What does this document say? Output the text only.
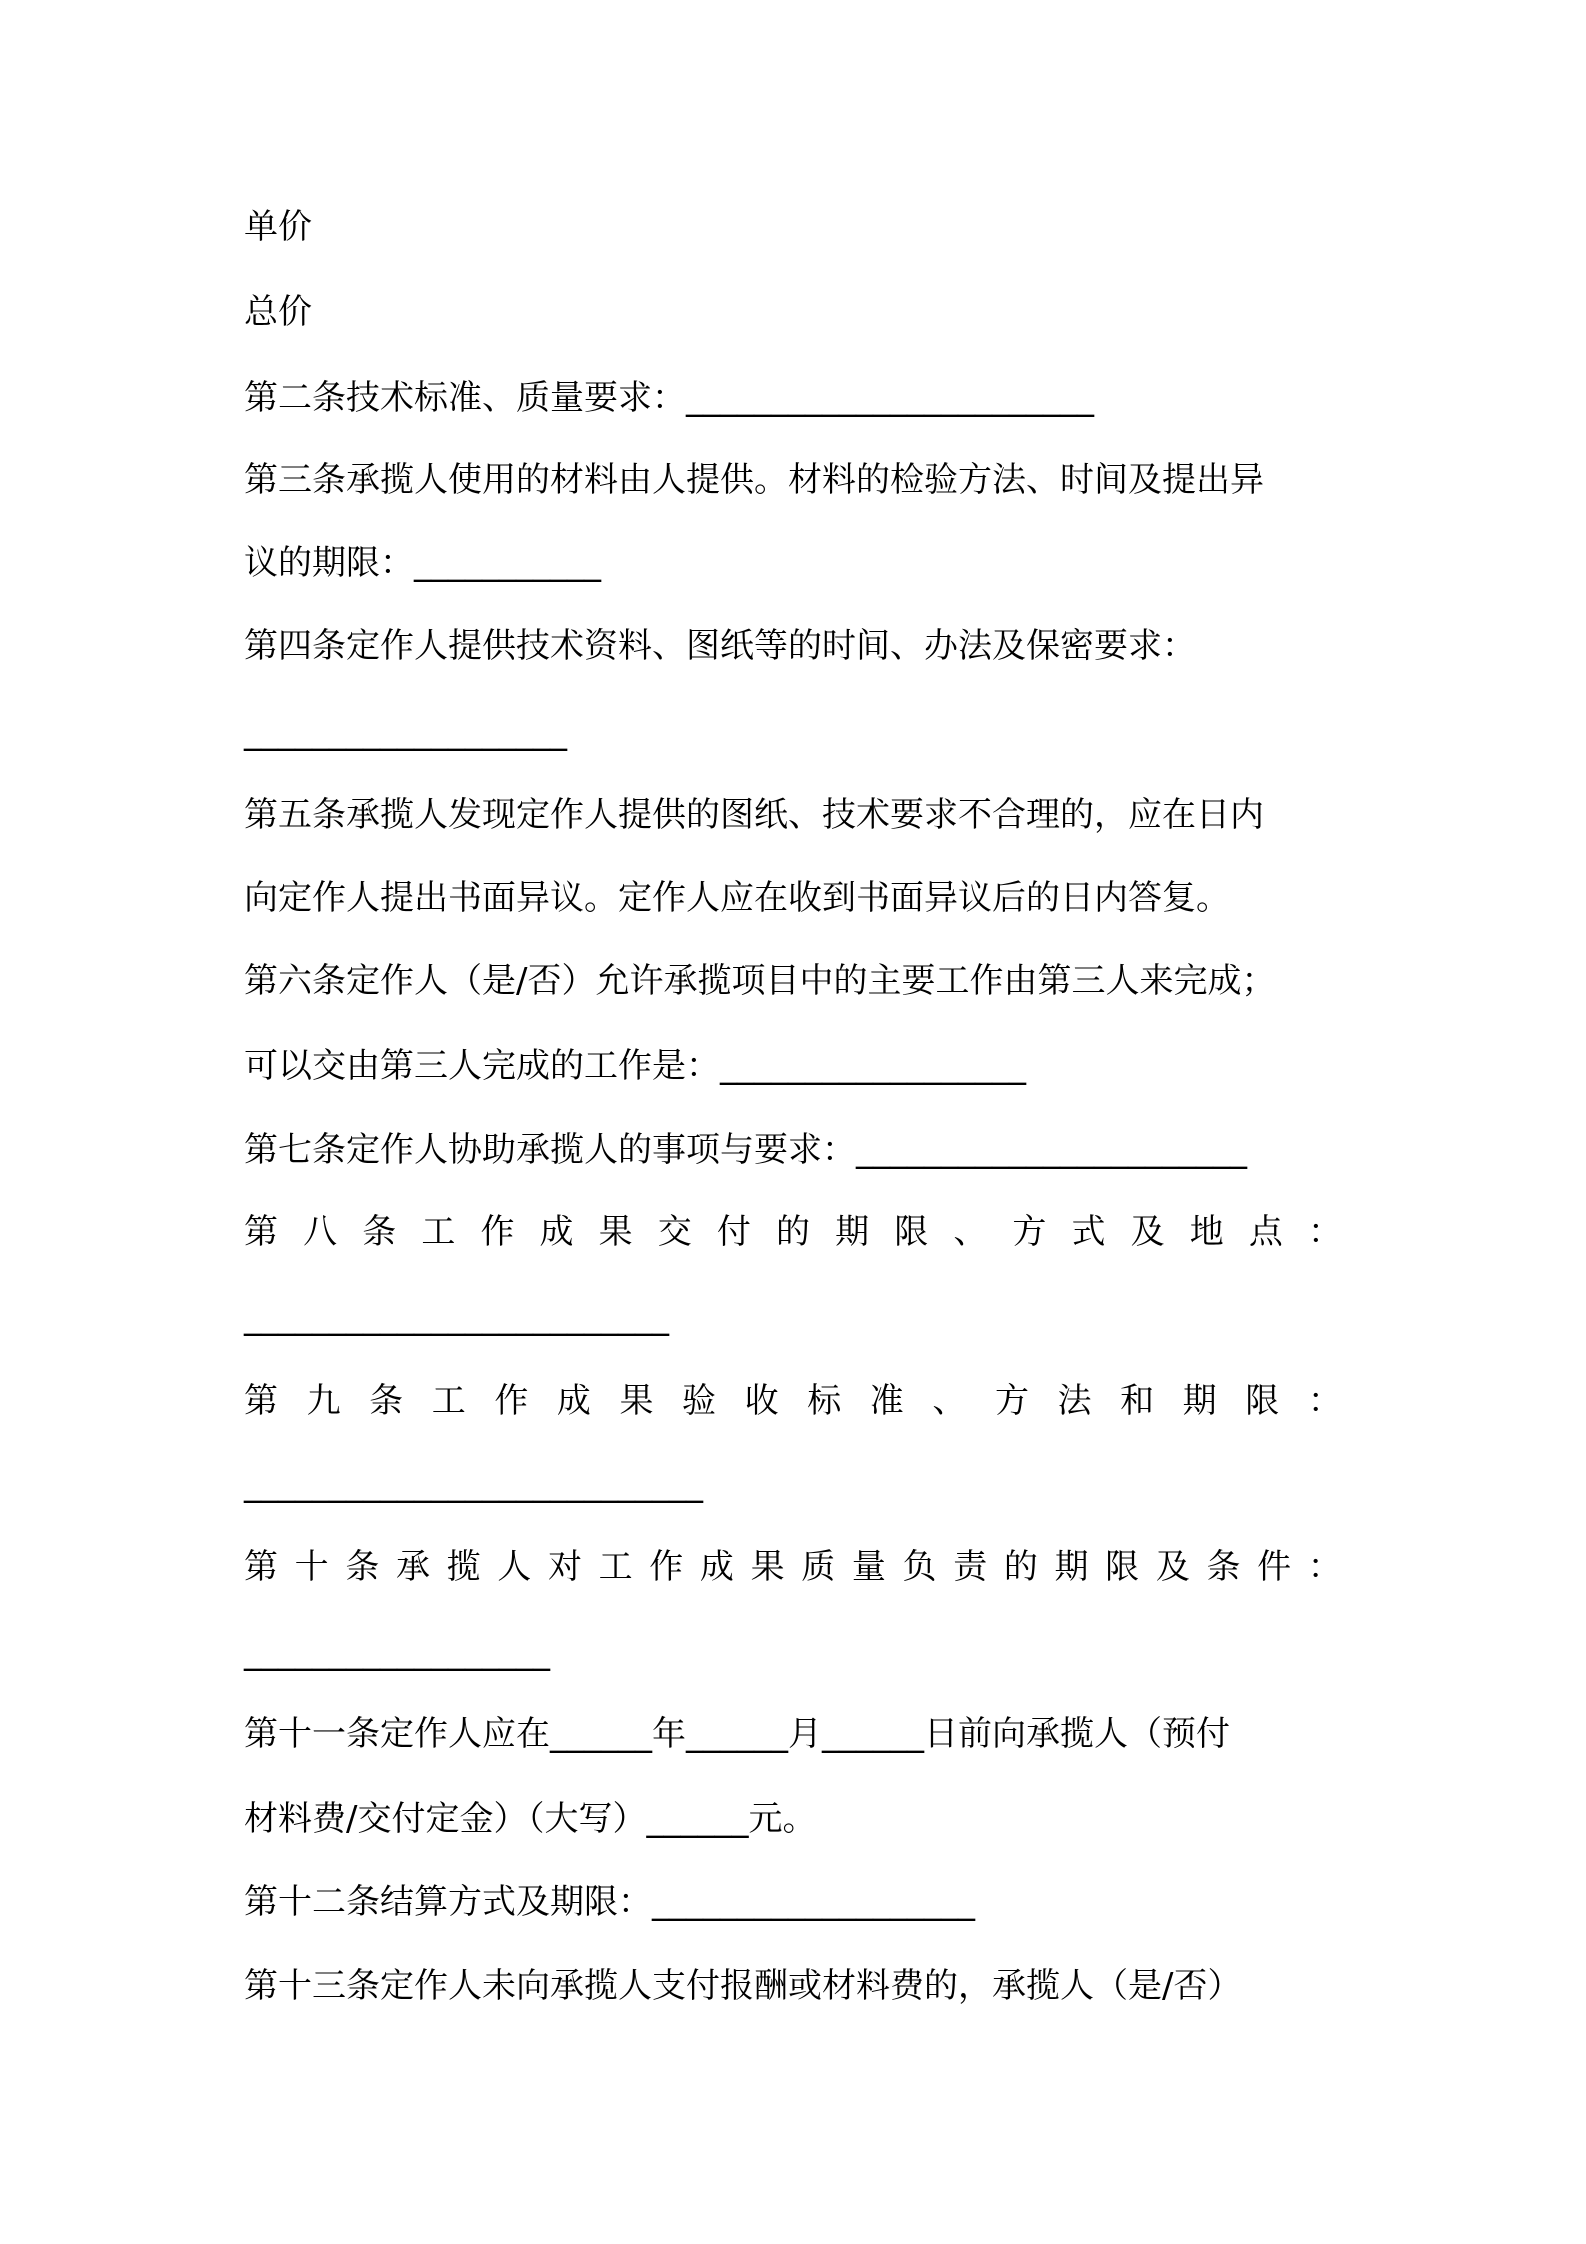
单价
总价
第二条技术标准、质量要求：________________________
第三条承揽人使用的材料由人提供。材料的检验方法、时间及提出异
议的期限：___________
第四条定作人提供技术资料、图纸等的时间、办法及保密要求：
___________________
第五条承揽人发现定作人提供的图纸、技术要求不合理的，应在日内
向定作人提出书面异议。定作人应在收到书面异议后的日内答复。
第六条定作人（是/否）允许承揽项目中的主要工作由第三人来完成；
可以交由第三人完成的工作是：__________________
第七条定作人协助承揽人的事项与要求：_______________________
第 八 条 工 作 成 果 交 付 的 期 限 、 方 式 及 地 点 ：
_________________________
第 九 条 工 作 成 果 验 收 标 准 、 方 法 和 期 限 ：
___________________________
第 十 条 承 揽 人 对 工 作 成 果 质 量 负 责 的 期 限 及 条 件 ：
__________________
第十一条定作人应在______年______月______日前向承揽人（预付
材料费/交付定金）（大写）______元。
第十二条结算方式及期限：___________________
第十三条定作人未向承揽人支付报酬或材料费的，承揽人（是/否）
